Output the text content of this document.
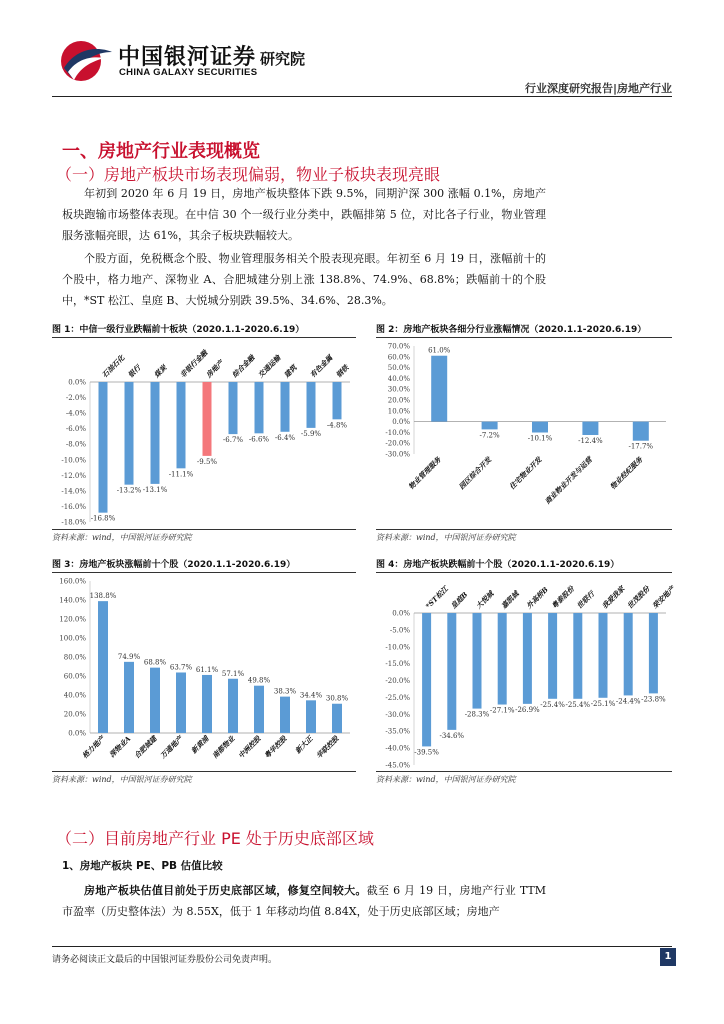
中国银河证券
CHINA GALAXY SECURITIES
研究院
行业深度研究报告|房地产行业
一、房地产行业表现概览
（一）房地产板块市场表现偏弱，物业子板块表现亮眼
年初到 2020 年 6 月 19 日，房地产板块整体下跌 9.5%，同期沪深 300 涨幅 0.1%，房地产板块跑输市场整体表现。在中信 30 个一级行业分类中，跌幅排第 5 位，对比各子行业，物业管理服务涨幅亮眼，达 61%，其余子板块跌幅较大。
个股方面，免税概念个股、物业管理服务相关个股表现亮眼。年初至 6 月 19 日，涨幅前十的个股中，格力地产、深物业 A、合肥城建分别上涨 138.8%、74.9%、68.8%；跌幅前十的个股中，*ST 松江、皇庭 B、大悦城分别跌 39.5%、34.6%、28.3%。
图 1：中信一级行业跌幅前十板块（2020.1.1-2020.6.19）	图 2：房地产板块各细分行业涨幅情况（2020.1.1-2020.6.19）
0.0%
-2.0%
-4.0%
-6.0%
-8.0%
-10.0%
-12.0%
-14.0%
-16.0%
-18.0% -16.8%
石油石化
-13.2%
银行
-13.1%
煤炭
-11.1%
非银行金融
-9.5%
房地产
-6.7%
综合金融
-6.6%
交通运输
-6.4%
建筑
-5.9%
有色金属
-4.8%
钢铁
70.0%
60.0%
50.0%
40.0%
30.0%
20.0%
10.0%
0.0%
-10.0%
-20.0%
-30.0%
61.0%
物业管理服务
-7.2%
园区综合开发
-10.1%
住宅物业开发
-12.4%
商业物业开发与运营
-17.7%
物业经纪服务
资料来源：wind，中国银河证券研究院	资料来源：wind，中国银河证券研究院
图 3：房地产板块涨幅前十个股（2020.1.1-2020.6.19）	图 4：房地产板块跌幅前十个股（2020.1.1-2020.6.19）
160.0%
140.0%
120.0%
100.0%
80.0%
60.0%
40.0%
20.0%
0.0%
138.8%
格力地产
74.9%
深物业A
68.8%
合肥城建
63.7%
万通地产
61.1%
新黄浦
57.1%
南都物业
49.8%
中洲控股
38.3%
粤华控股
34.4%
新大正
30.8%
华联控股
0.0%
-5.0%
-10.0%
-15.0%
-20.0%
-25.0%
-30.0%
-35.0%
-40.0%
-45.0%
-39.5%
*ST松江
-34.6%
皇庭B
-28.3%
大悦城
-27.1%
嘉凯城
-26.9%
外高桥B
-25.4%
粤泰股份
-25.4%
世联行
-25.1%
我爱我家
-24.4%
世茂股份
-23.8%
荣安地产
资料来源：wind，中国银河证券研究院	资料来源：wind，中国银河证券研究院
（二）目前房地产行业 PE 处于历史底部区域
1、房地产板块 PE、PB 估值比较
房地产板块估值目前处于历史底部区域，修复空间较大。截至 6 月 19 日，房地产行业 TTM 市盈率（历史整体法）为 8.55X，低于 1 年移动均值 8.84X，处于历史底部区域；房地产
请务必阅读正文最后的中国银河证券股份公司免责声明。	1
